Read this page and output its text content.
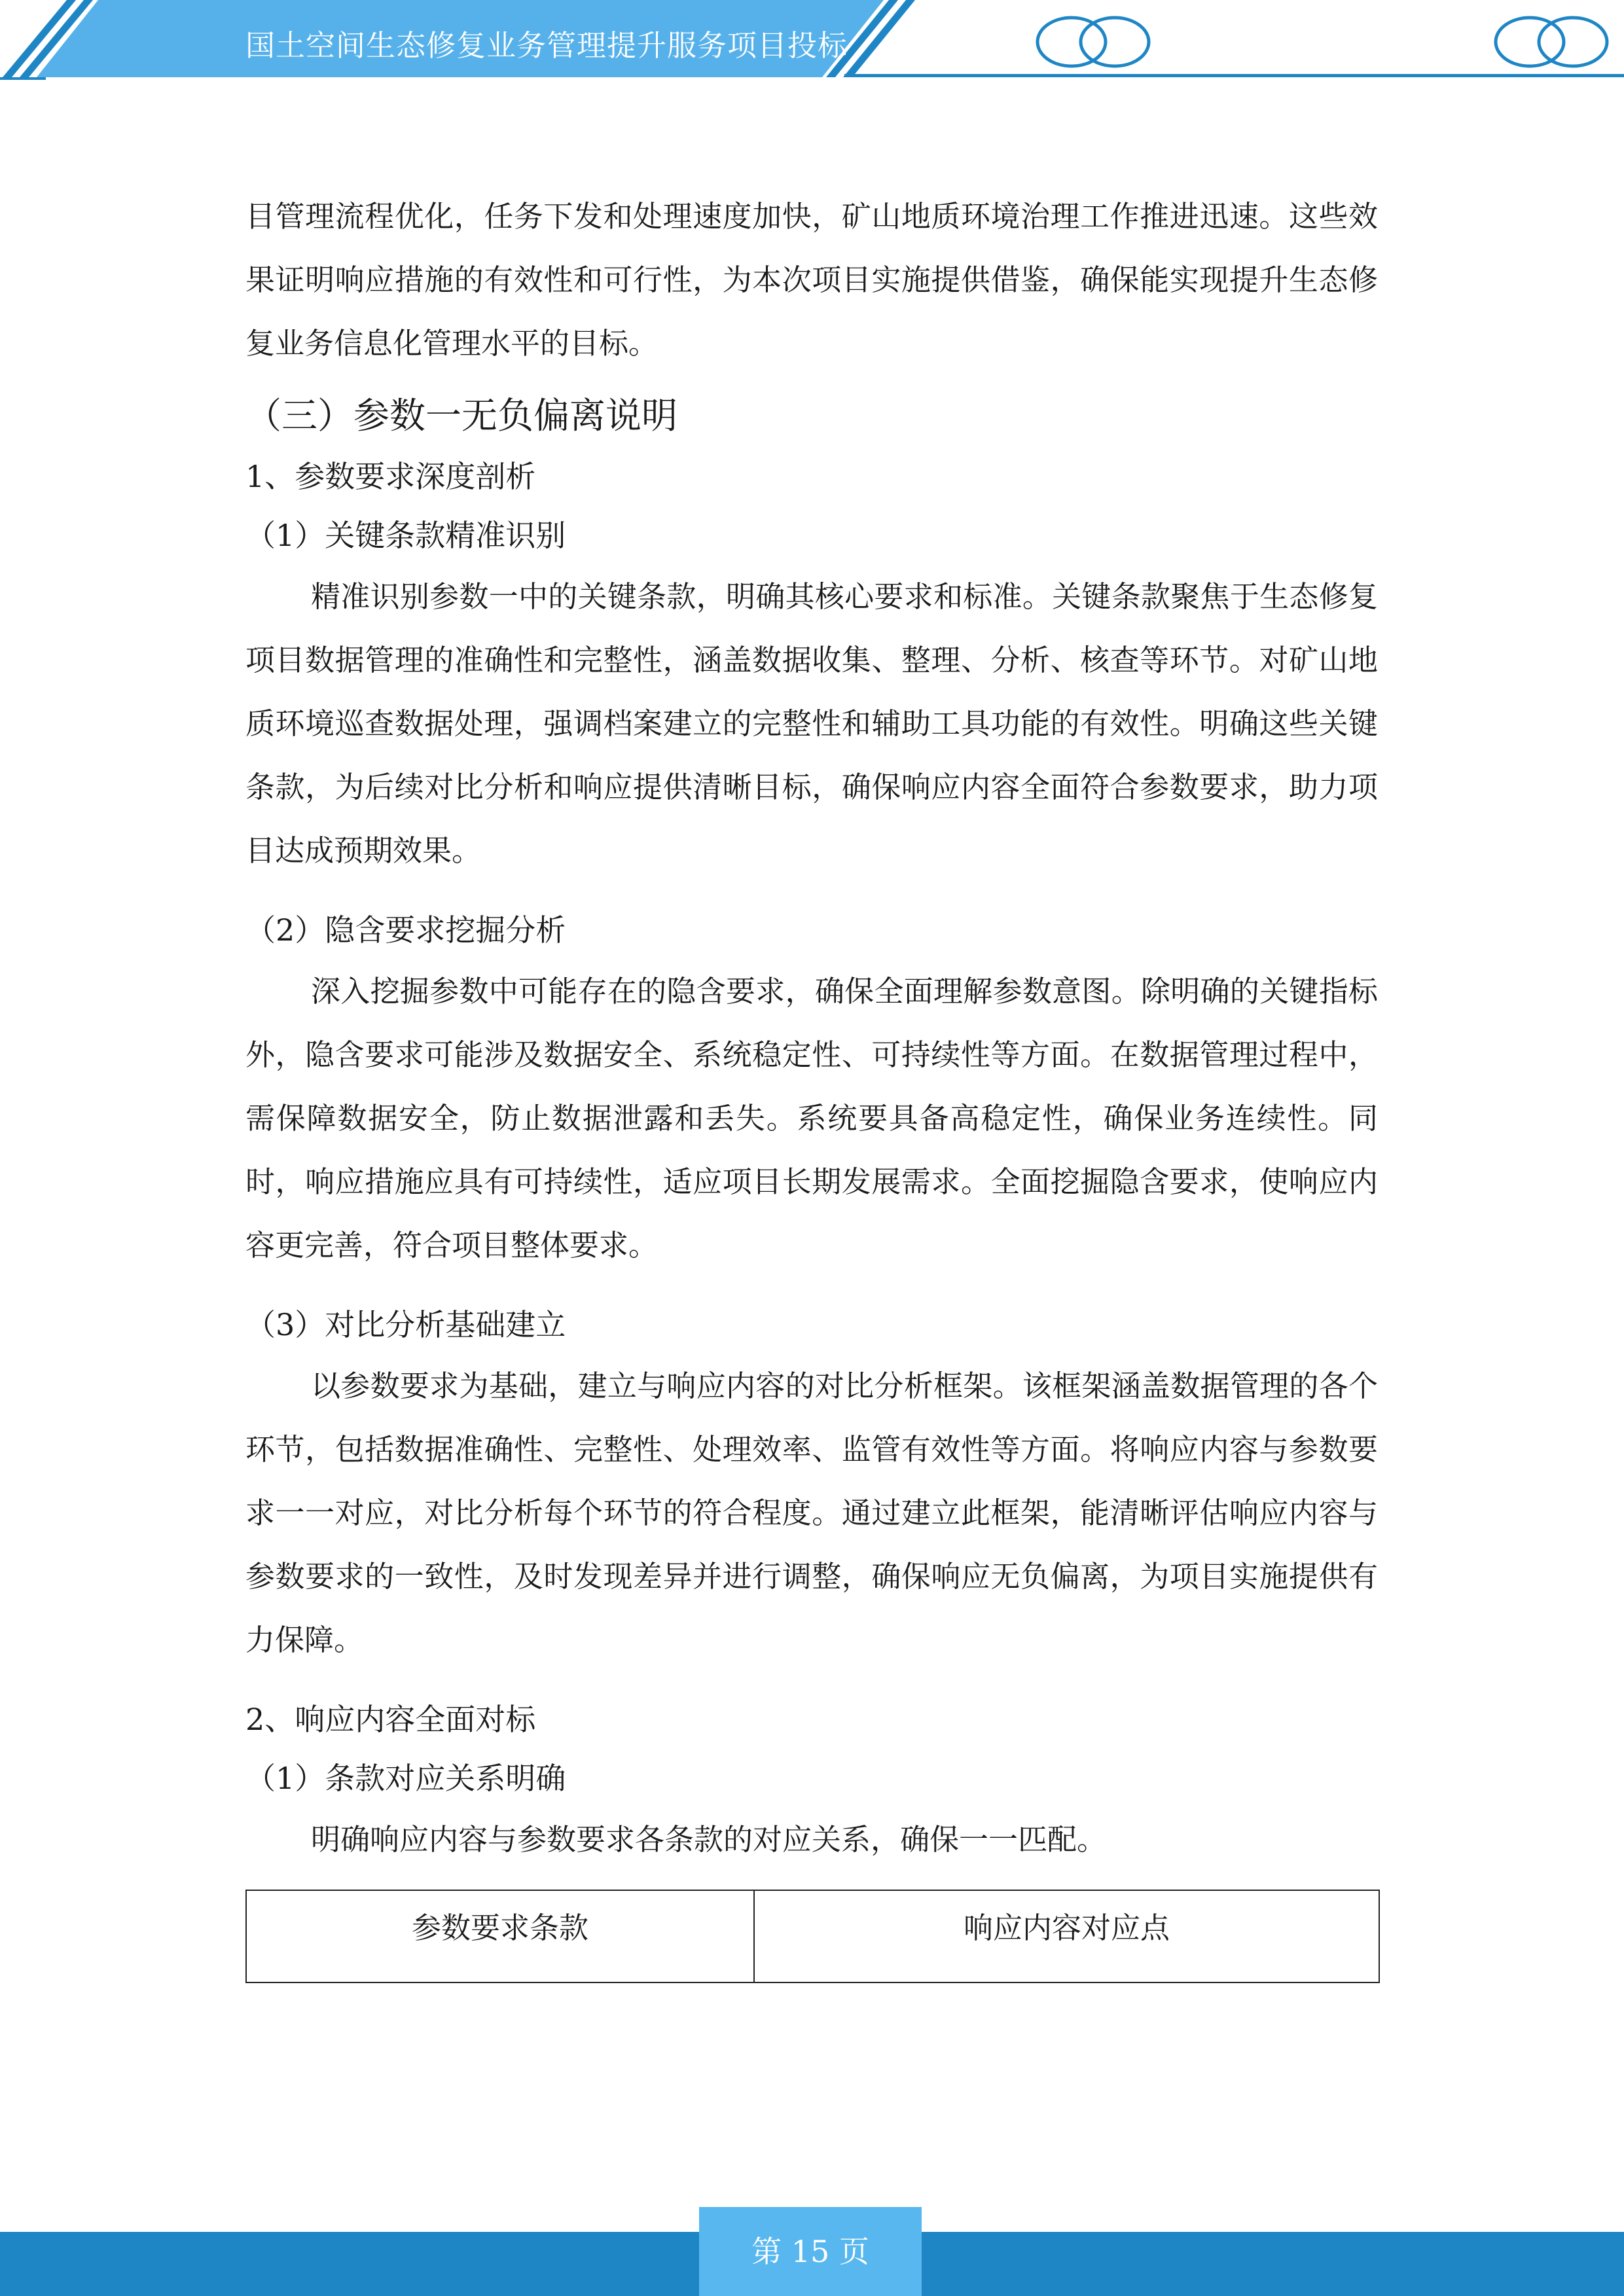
国土空间生态修复业务管理提升服务项目投标

目管理流程优化，任务下发和处理速度加快，矿山地质环境治理工作推进迅速。这些效果证明响应措施的有效性和可行性，为本次项目实施提供借鉴，确保能实现提升生态修复业务信息化管理水平的目标。

（三）参数一无负偏离说明
1、参数要求深度剖析
（1）关键条款精准识别

精准识别参数一中的关键条款，明确其核心要求和标准。关键条款聚焦于生态修复项目数据管理的准确性和完整性，涵盖数据收集、整理、分析、核查等环节。对矿山地质环境巡查数据处理，强调档案建立的完整性和辅助工具功能的有效性。明确这些关键条款，为后续对比分析和响应提供清晰目标，确保响应内容全面符合参数要求，助力项目达成预期效果。

（2）隐含要求挖掘分析

深入挖掘参数中可能存在的隐含要求，确保全面理解参数意图。除明确的关键指标外，隐含要求可能涉及数据安全、系统稳定性、可持续性等方面。在数据管理过程中，需保障数据安全，防止数据泄露和丢失。系统要具备高稳定性，确保业务连续性。同时，响应措施应具有可持续性，适应项目长期发展需求。全面挖掘隐含要求，使响应内容更完善，符合项目整体要求。

（3）对比分析基础建立

以参数要求为基础，建立与响应内容的对比分析框架。该框架涵盖数据管理的各个环节，包括数据准确性、完整性、处理效率、监管有效性等方面。将响应内容与参数要求一一对应，对比分析每个环节的符合程度。通过建立此框架，能清晰评估响应内容与参数要求的一致性，及时发现差异并进行调整，确保响应无负偏离，为项目实施提供有力保障。

2、响应内容全面对标
（1）条款对应关系明确

明确响应内容与参数要求各条款的对应关系，确保一一匹配。

参数要求条款	响应内容对应点
第 15 页
